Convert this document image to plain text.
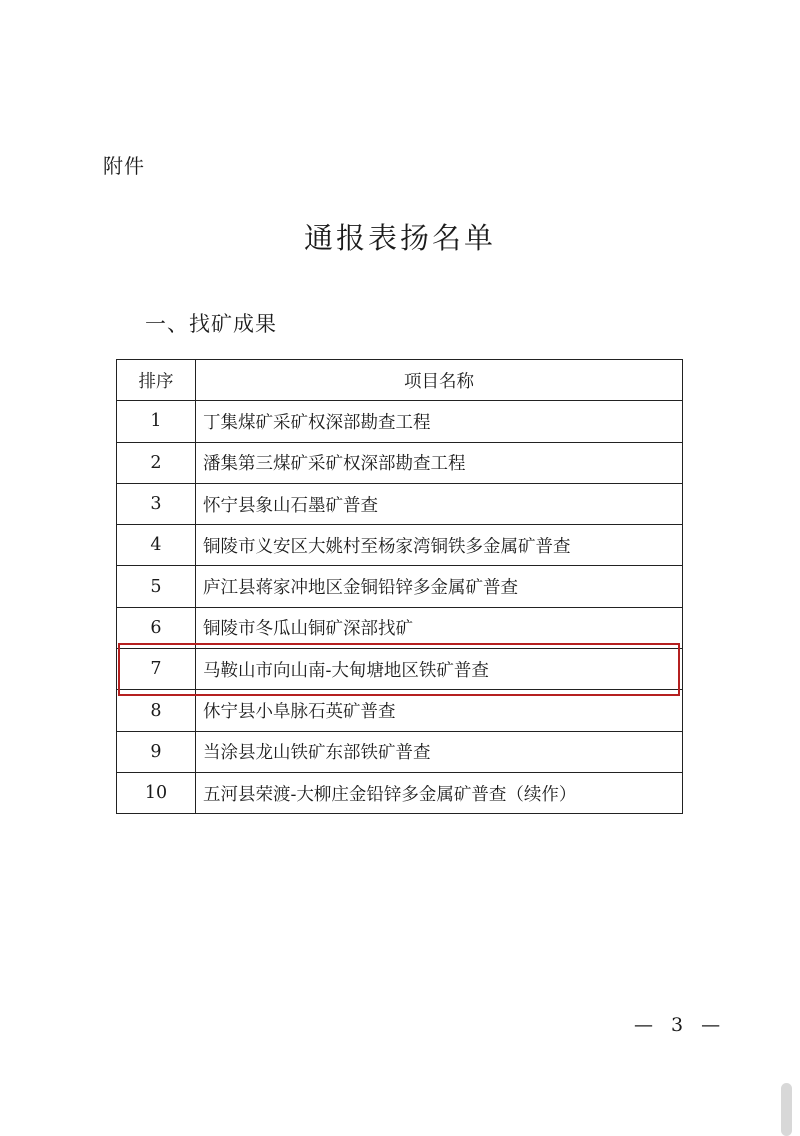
附件
通报表扬名单
一、找矿成果
排序	项目名称
1	丁集煤矿采矿权深部勘查工程
2	潘集第三煤矿采矿权深部勘查工程
3	怀宁县象山石墨矿普查
4	铜陵市义安区大姚村至杨家湾铜铁多金属矿普查
5	庐江县蒋家冲地区金铜铅锌多金属矿普查
6	铜陵市冬瓜山铜矿深部找矿
7	马鞍山市向山南-大甸塘地区铁矿普查
8	休宁县小阜脉石英矿普查
9	当涂县龙山铁矿东部铁矿普查
10	五河县荣渡-大柳庄金铅锌多金属矿普查（续作）
— 3 —
